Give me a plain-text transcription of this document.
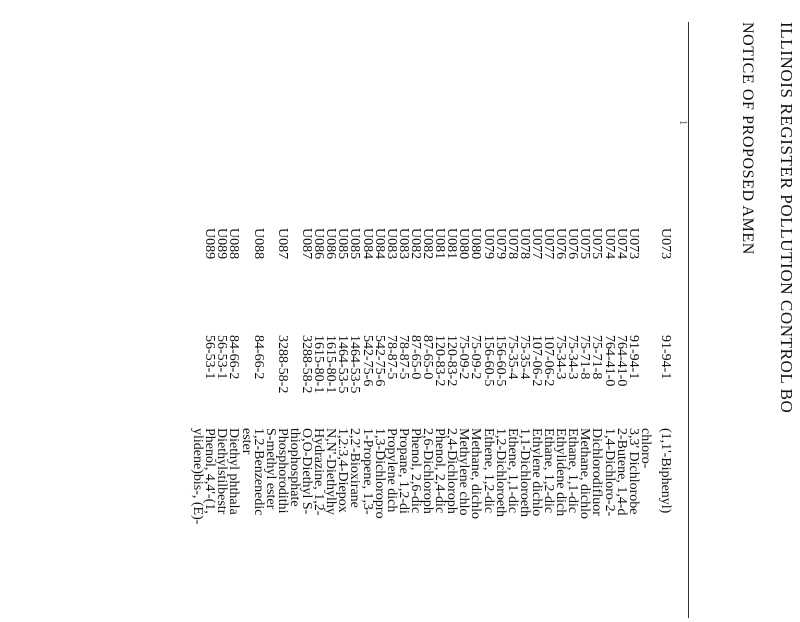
ILLINOIS REGISTER POLLUTION CONTROL BO
NOTICE OF PROPOSED AMEN
1
U073
91-94-1
(1,1'-Biphenyl)
chloro-
U073
91-94-1
3,3' Dichlorobe
U074
764-41-0
2-Butene, 1,4-d
U074
764-41-0
1,4-Dichloro-2-
U075
75-71-8
Dichlorodifluor
U075
75-71-8
Methane, dichlo
U076
75-34-3
Ethane, 1,1-dic
U076
75-34-3
Ethylidene dich
U077
107-06-2
Ethane, 1,2-dic
U077
107-06-2
Ethylene dichlo
U078
75-35-4
1,1-Dichloroeth
U078
75-35-4
Ethene, 1,1-dic
U079
156-60-5
1,2-Dichloroeth
U079
156-60-5
Ethene, 1,2-dic
U080
75-09-2
Methane, dichlo
U080
75-09-2
Methylene chlo
U081
120-83-2
2,4-Dichloroph
U081
120-83-2
Phenol, 2,4-dic
U082
87-65-0
2,6-Dichloroph
U082
87-65-0
Phenol, 2,6-dic
U083
78-87-5
Propane, 1,2-di
U083
78-87-5
Propylene dich
U084
542-75-6
1,3-Dichloropro
U084
542-75-6
1-Propene, 1,3-
U085
1464-53-5
2,2'-Bioxirane
U085
1464-53-5
1,2:3,4-Diepox
U086
1615-80-1
N,N'-Diethylhy
U086
1615-80-1
Hydrazine, 1,2-
U087
3288-58-2
O,O-Diethyl S-
thiophosphate
U087
3288-58-2
Phosphorodithi
S-methyl ester
U088
84-66-2
1,2-Benzenedic
ester
U088
84-66-2
Diethyl phthala
U089
56-53-1
Diethylstilbestr
U089
56-53-1
Phenol, 4,4'-(1,
ylidene)bis-, (E)-
